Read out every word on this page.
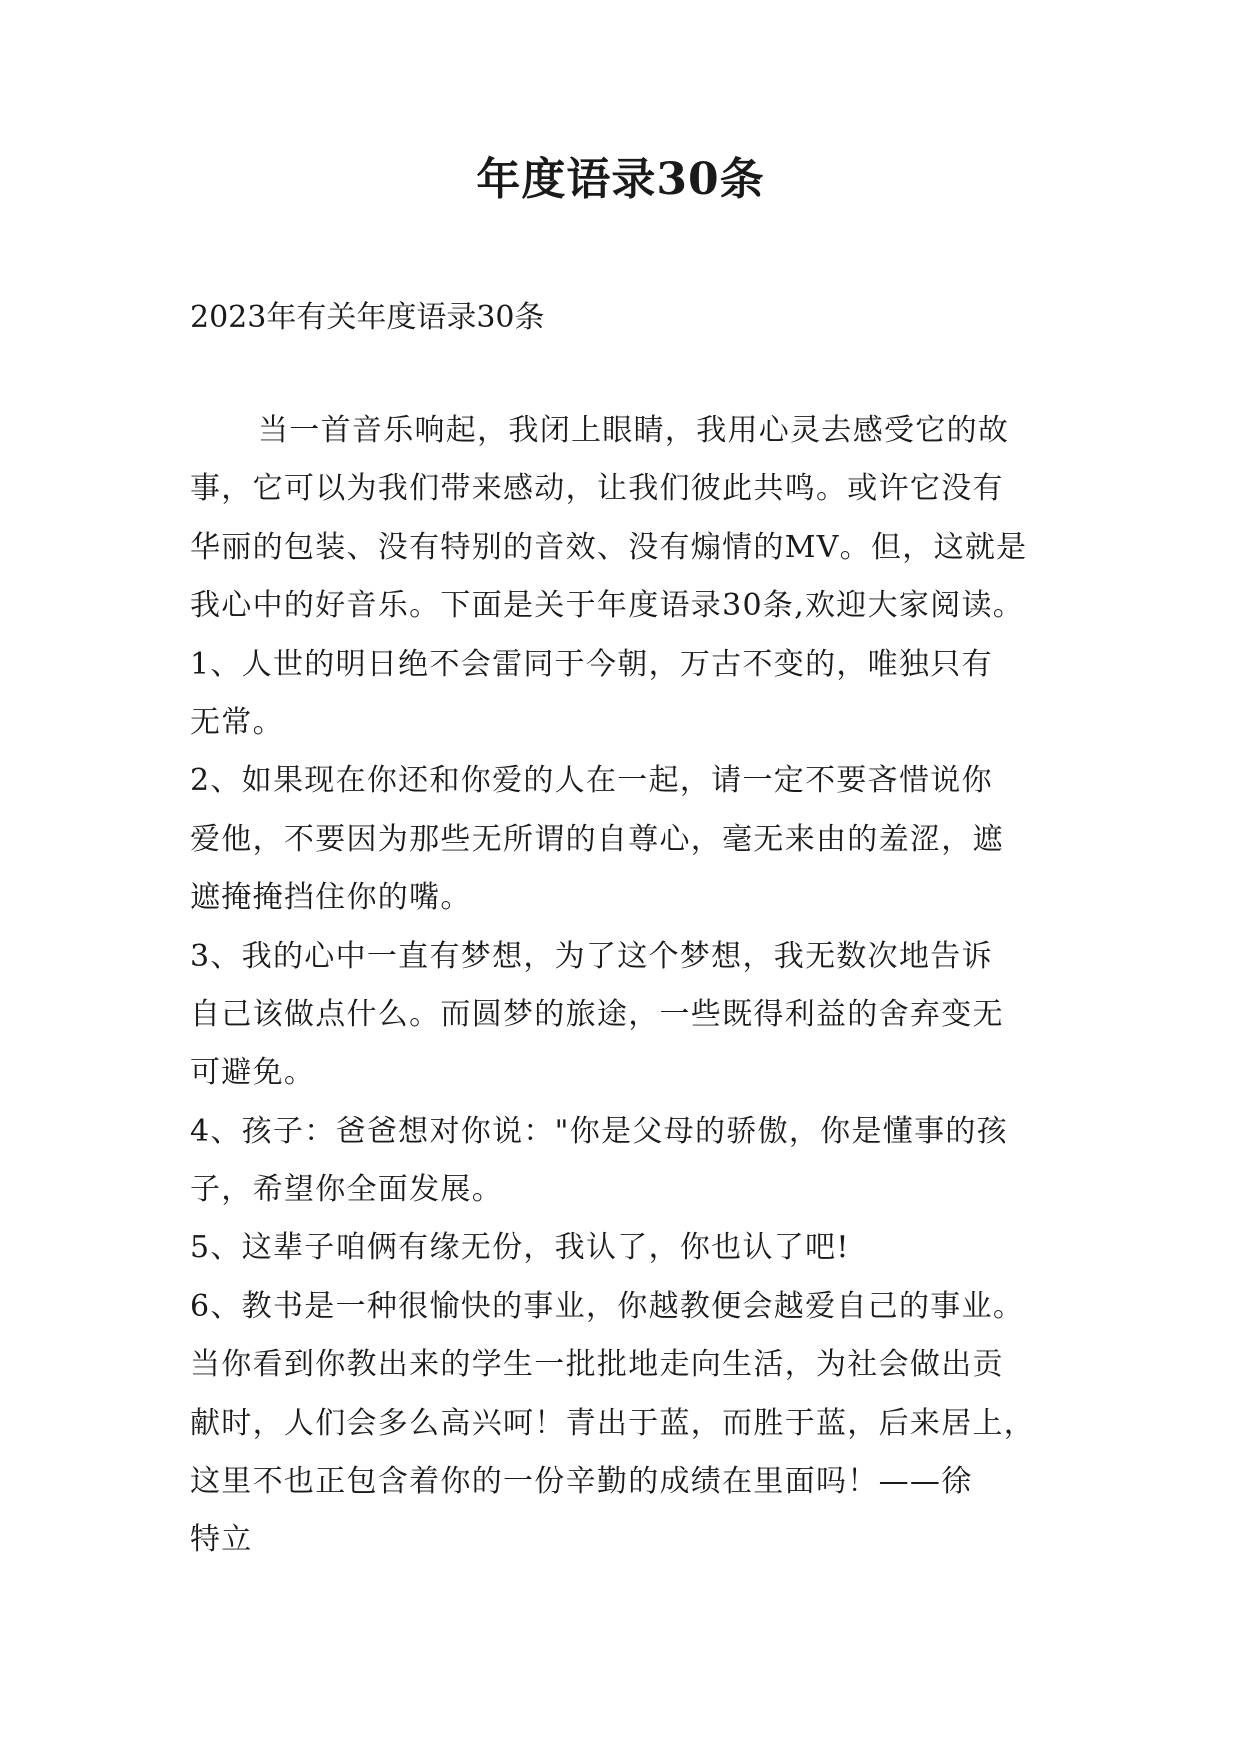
年度语录30条
2023年有关年度语录30条
当一首音乐响起，我闭上眼睛，我用心灵去感受它的故
事，它可以为我们带来感动，让我们彼此共鸣。或许它没有
华丽的包装、没有特别的音效、没有煽情的MV。但，这就是
我心中的好音乐。下面是关于年度语录30条,欢迎大家阅读。
1、人世的明日绝不会雷同于今朝，万古不变的，唯独只有
无常。
2、如果现在你还和你爱的人在一起，请一定不要吝惜说你
爱他，不要因为那些无所谓的自尊心，毫无来由的羞涩，遮
遮掩掩挡住你的嘴。
3、我的心中一直有梦想，为了这个梦想，我无数次地告诉
自己该做点什么。而圆梦的旅途，一些既得利益的舍弃变无
可避免。
4、孩子：爸爸想对你说："你是父母的骄傲，你是懂事的孩
子，希望你全面发展。
5、这辈子咱俩有缘无份，我认了，你也认了吧!
6、教书是一种很愉快的事业，你越教便会越爱自己的事业。
当你看到你教出来的学生一批批地走向生活，为社会做出贡
献时，人们会多么高兴呵！青出于蓝，而胜于蓝，后来居上，
这里不也正包含着你的一份辛勤的成绩在里面吗！——徐
特立
